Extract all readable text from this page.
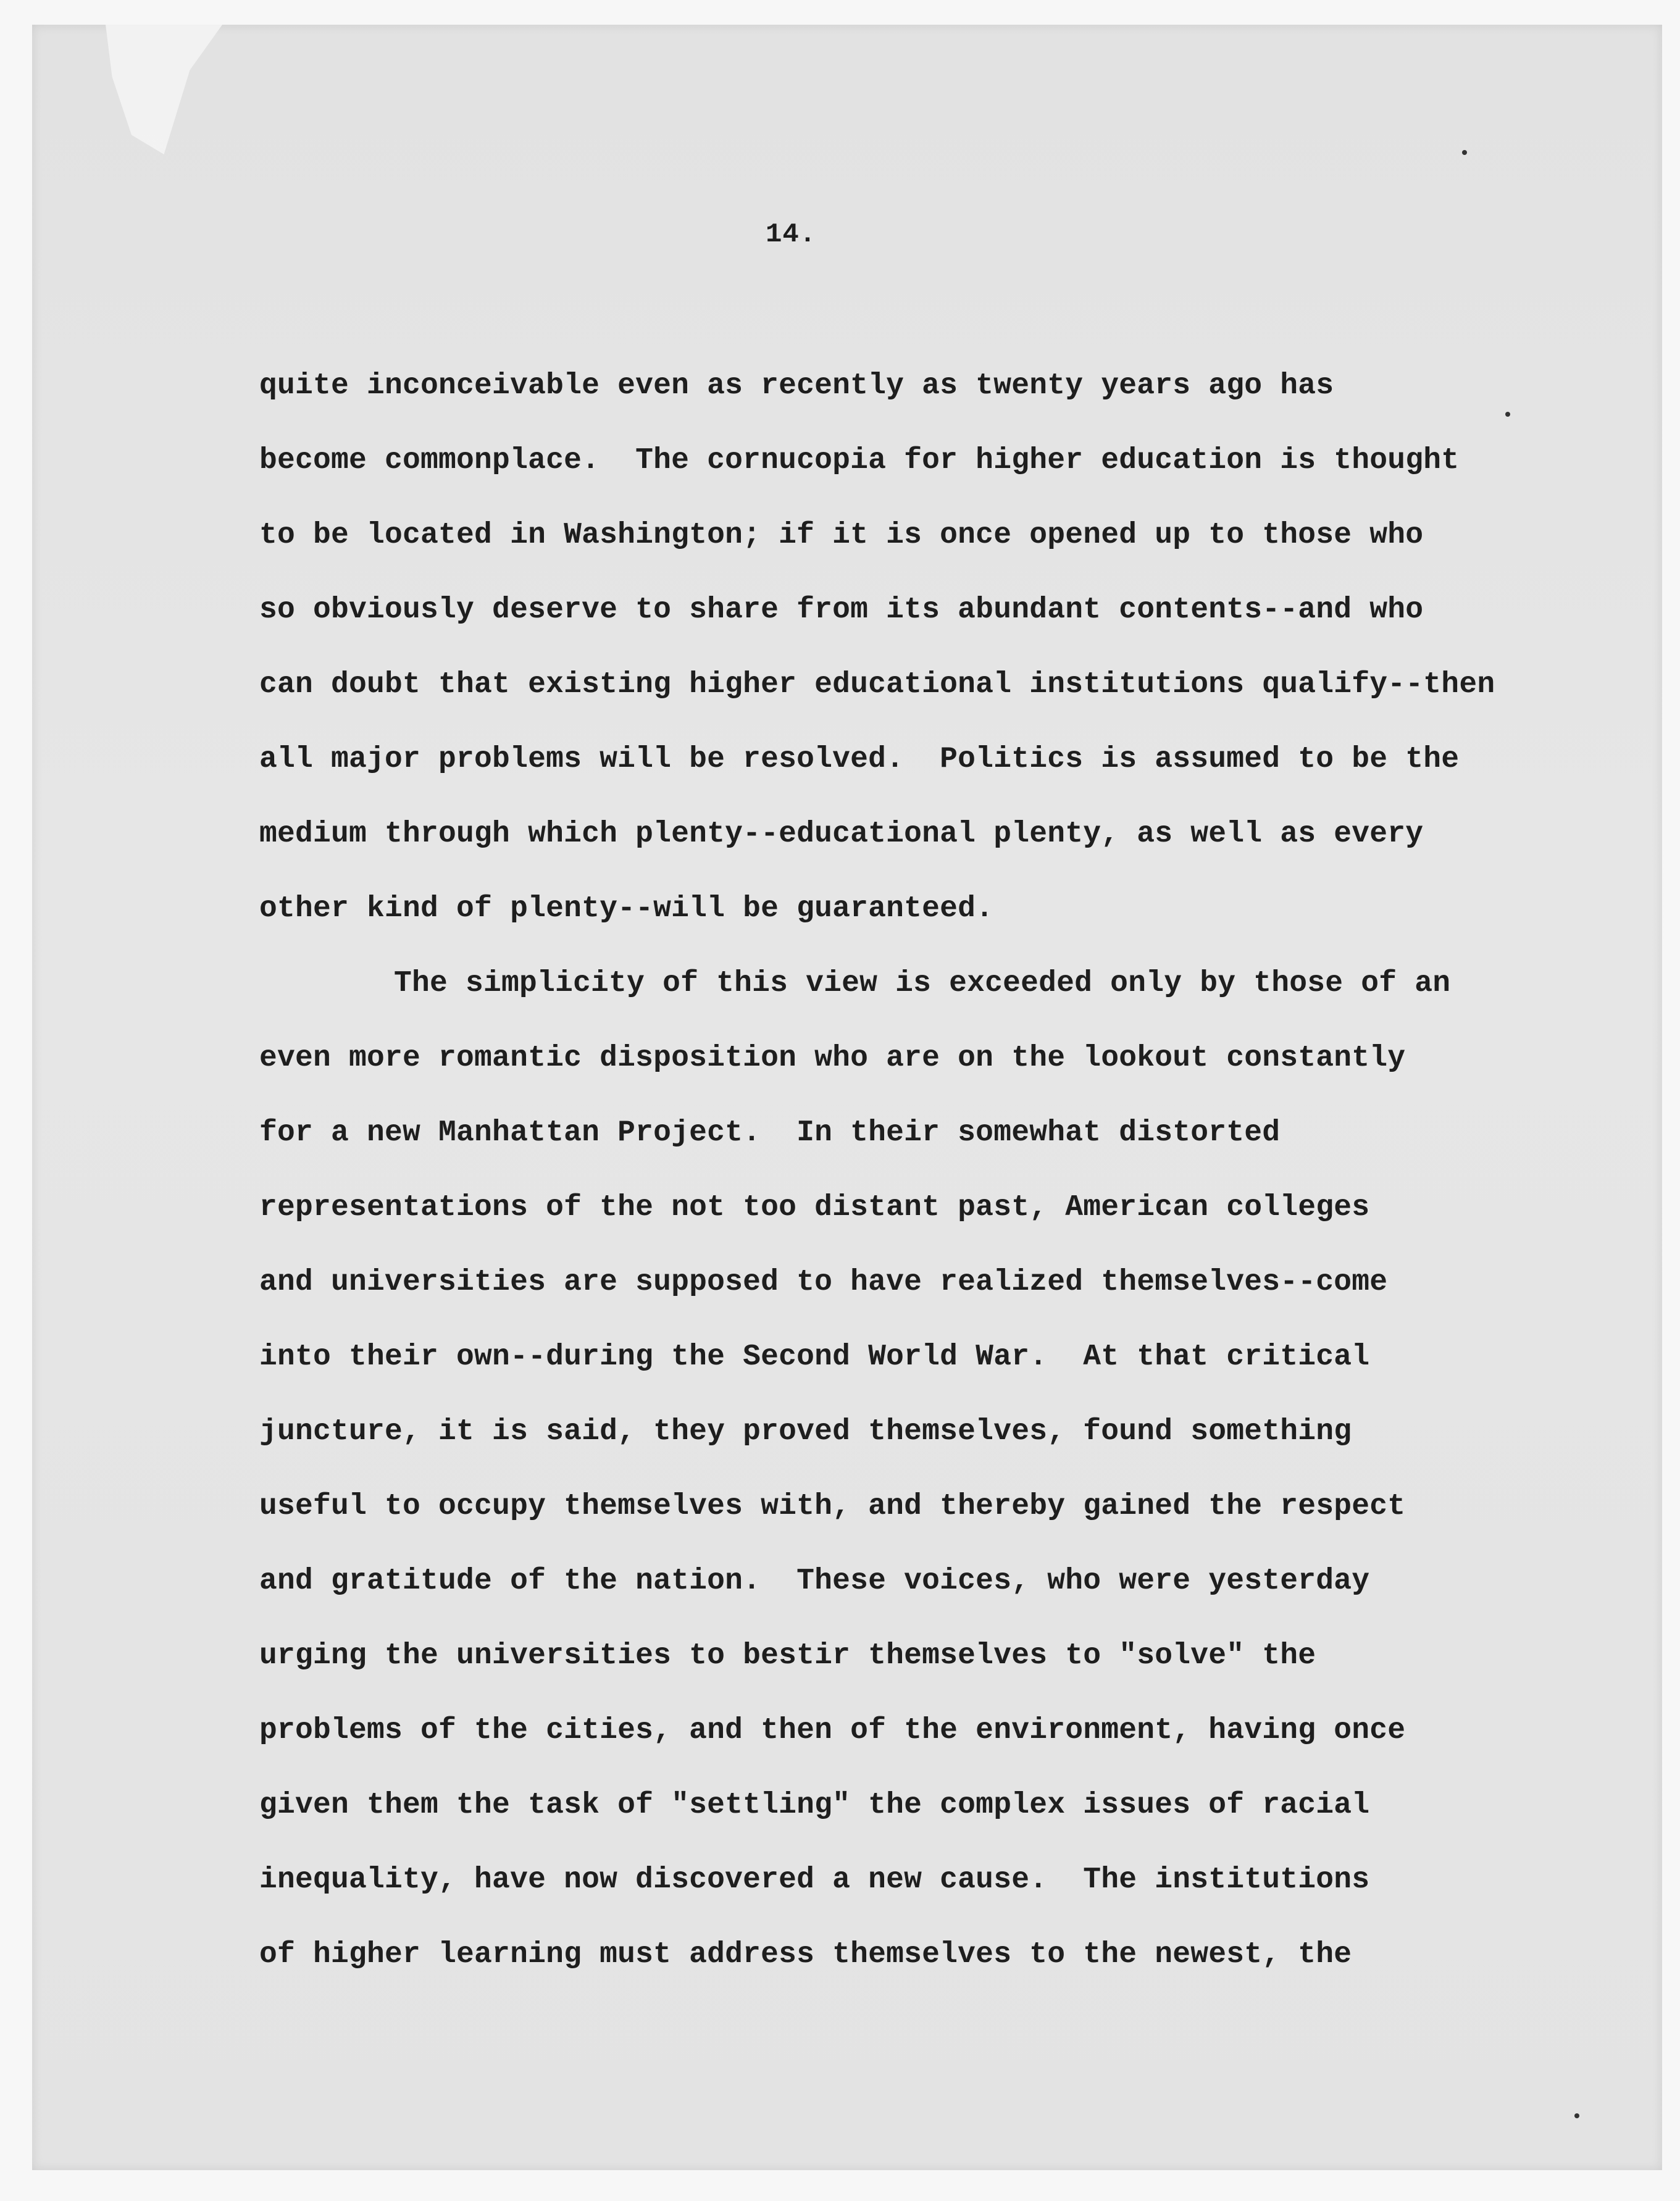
14.

quite inconceivable even as recently as twenty years ago has
become commonplace.  The cornucopia for higher education is thought
to be located in Washington; if it is once opened up to those who
so obviously deserve to share from its abundant contents--and who
can doubt that existing higher educational institutions qualify--then
all major problems will be resolved.  Politics is assumed to be the
medium through which plenty--educational plenty, as well as every
other kind of plenty--will be guaranteed.
The simplicity of this view is exceeded only by those of an
even more romantic disposition who are on the lookout constantly
for a new Manhattan Project.  In their somewhat distorted
representations of the not too distant past, American colleges
and universities are supposed to have realized themselves--come
into their own--during the Second World War.  At that critical
juncture, it is said, they proved themselves, found something
useful to occupy themselves with, and thereby gained the respect
and gratitude of the nation.  These voices, who were yesterday
urging the universities to bestir themselves to "solve" the
problems of the cities, and then of the environment, having once
given them the task of "settling" the complex issues of racial
inequality, have now discovered a new cause.  The institutions
of higher learning must address themselves to the newest, the
